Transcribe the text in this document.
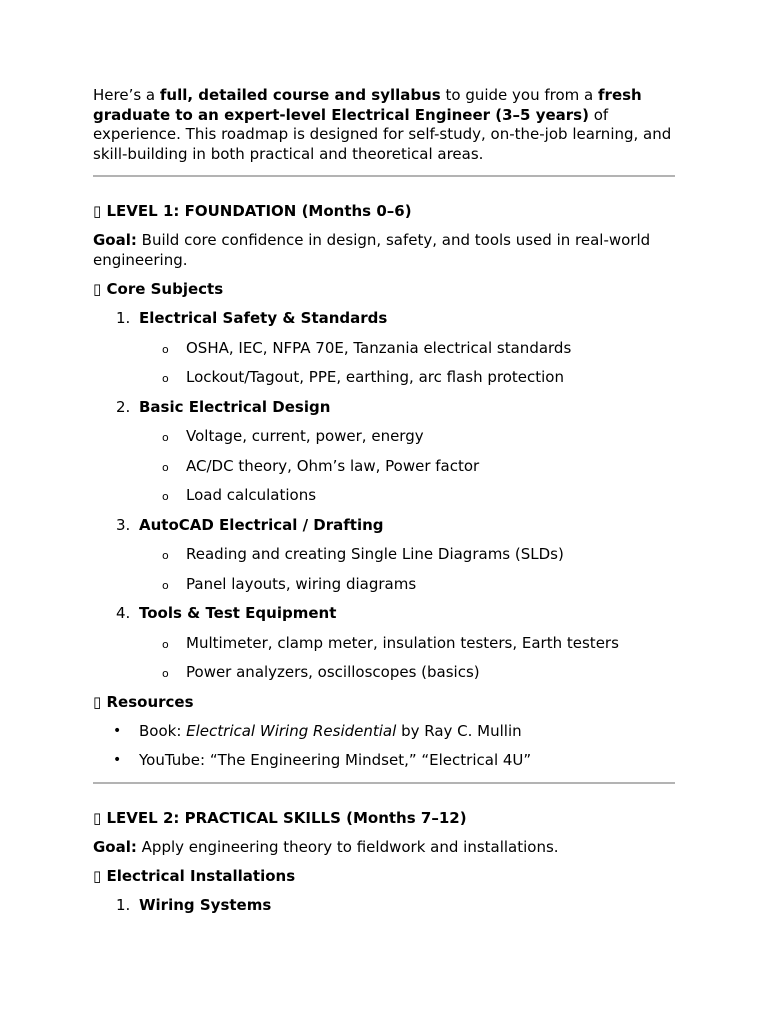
Here’s a full, detailed course and syllabus to guide you from a fresh graduate to an expert-level Electrical Engineer (3–5 years) of experience. This roadmap is designed for self-study, on-the-job learning, and skill-building in both practical and theoretical areas.

▯ LEVEL 1: FOUNDATION (Months 0–6)

Goal: Build core confidence in design, safety, and tools used in real-world engineering.

▯ Core Subjects

1. Electrical Safety & Standards
o OSHA, IEC, NFPA 70E, Tanzania electrical standards
o Lockout/Tagout, PPE, earthing, arc flash protection
2. Basic Electrical Design
o Voltage, current, power, energy
o AC/DC theory, Ohm’s law, Power factor
o Load calculations
3. AutoCAD Electrical / Drafting
o Reading and creating Single Line Diagrams (SLDs)
o Panel layouts, wiring diagrams
4. Tools & Test Equipment
o Multimeter, clamp meter, insulation testers, Earth testers
o Power analyzers, oscilloscopes (basics)

▯ Resources

• Book: Electrical Wiring Residential by Ray C. Mullin
• YouTube: “The Engineering Mindset,” “Electrical 4U”

▯ LEVEL 2: PRACTICAL SKILLS (Months 7–12)

Goal: Apply engineering theory to fieldwork and installations.

▯ Electrical Installations

1. Wiring Systems
